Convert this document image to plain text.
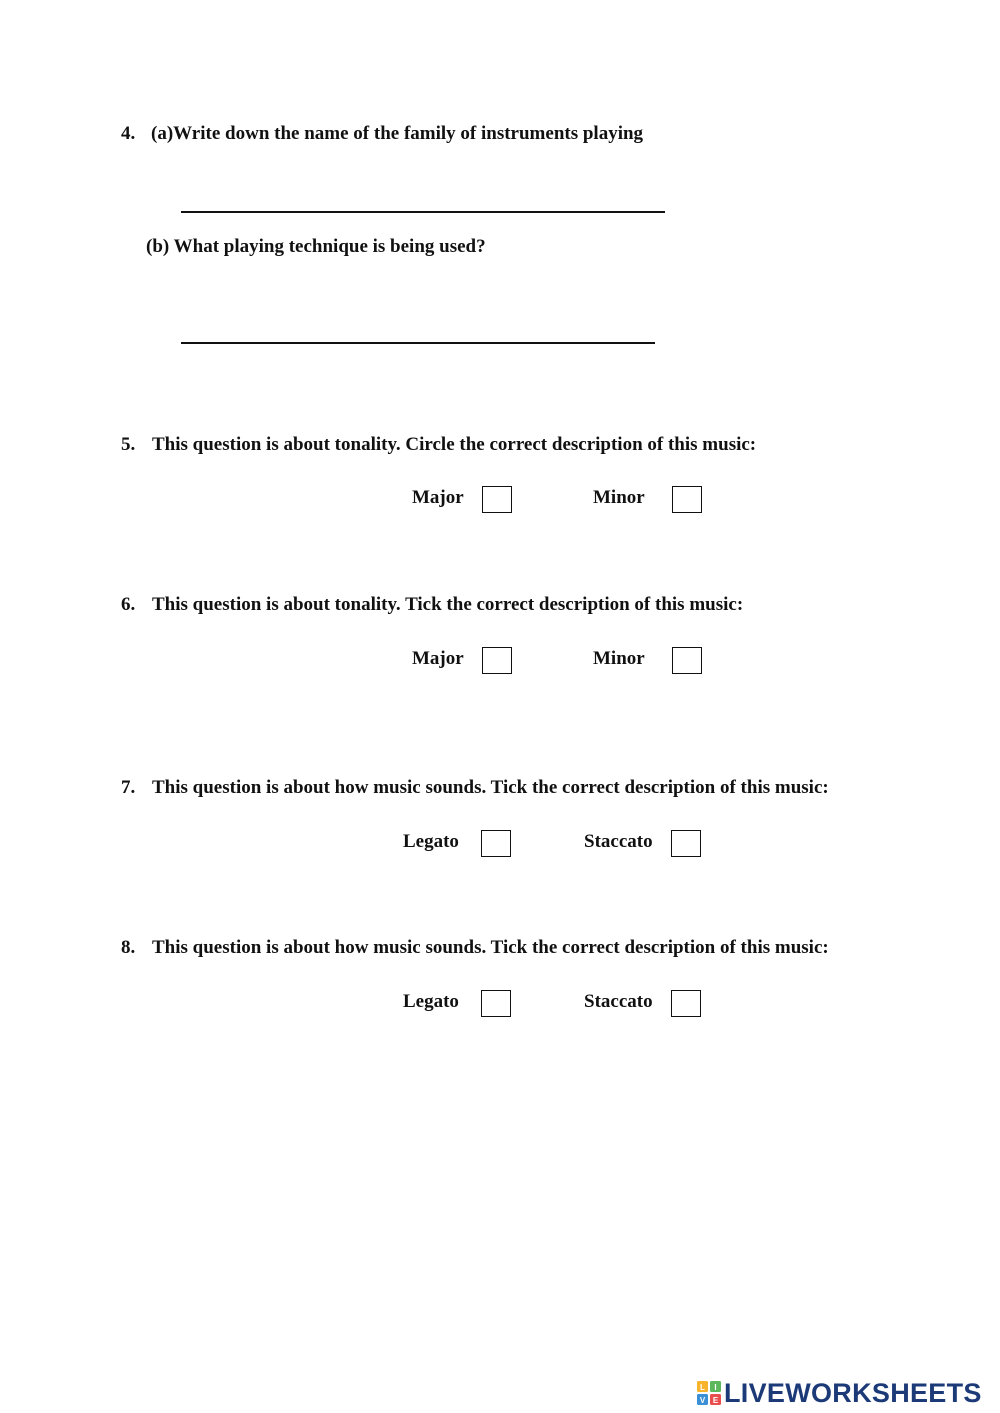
4. (a)Write down the name of the family of instruments playing
(b) What playing technique is being used?
5. This question is about tonality. Circle the correct description of this music:
Major	Minor
6. This question is about tonality. Tick the correct description of this music:
Major	Minor
7. This question is about how music sounds. Tick the correct description of this music:
Legato	Staccato
8. This question is about how music sounds. Tick the correct description of this music:
Legato	Staccato
L I
V E LIVEWORKSHEETS
